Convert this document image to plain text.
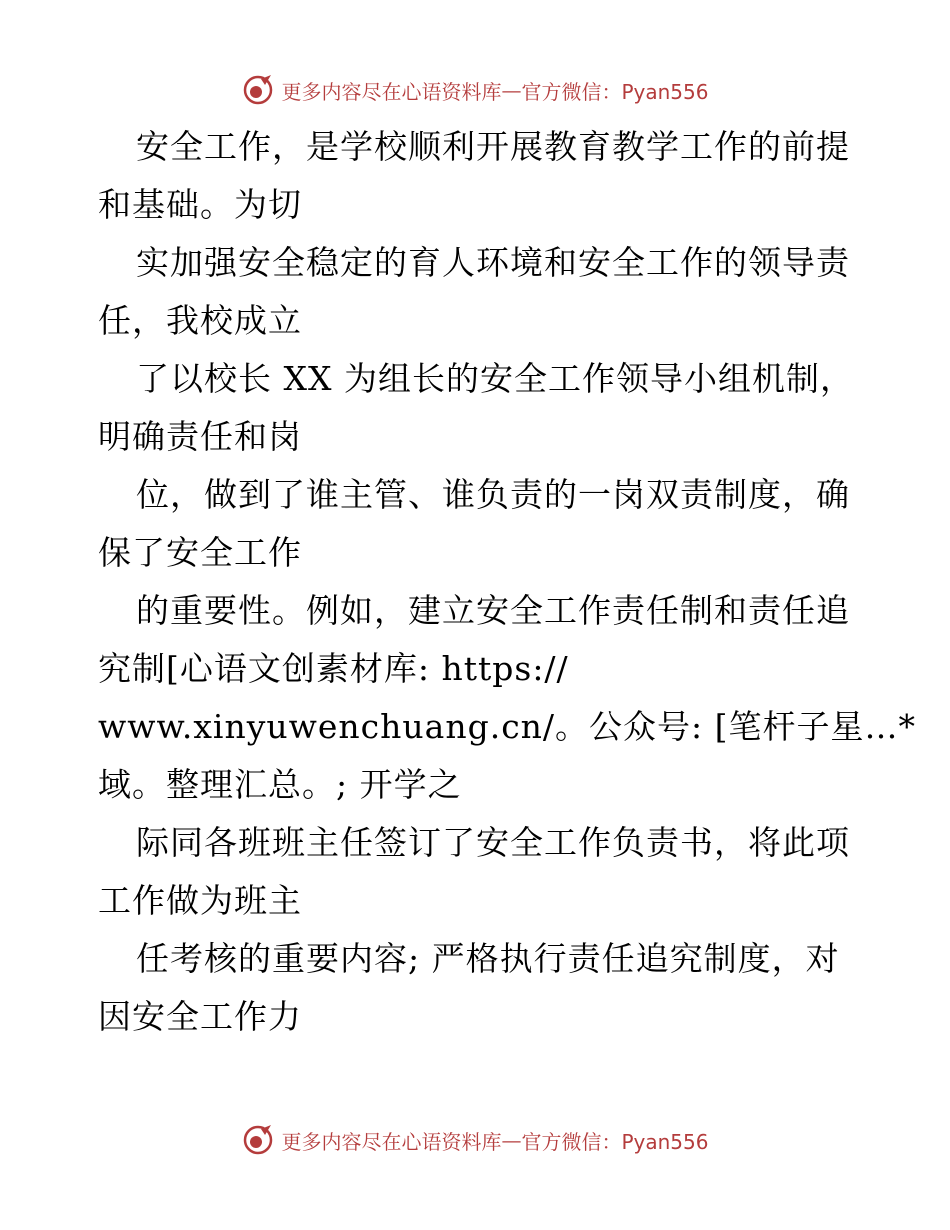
更多内容尽在心语资料库 — 官方微信：Pyan556
安全工作，是学校顺利开展教育教学工作的前提
和基础。为切
实加强安全稳定的育人环境和安全工作的领导责
任，我校成立
了以校长 XX 为组长的安全工作领导小组机制，
明确责任和岗
位，做到了谁主管、谁负责的一岗双责制度，确
保了安全工作
的重要性。例如，建立安全工作责任制和责任追
究制[心语文创素材库: https://
www.xinyuwenchuang.cn/。公众号: [笔杆子星…*
域。整理汇总。; 开学之
际同各班班主任签订了安全工作负责书，将此项
工作做为班主
任考核的重要内容; 严格执行责任追究制度，对
因安全工作力
更多内容尽在心语资料库 — 官方微信：Pyan556
